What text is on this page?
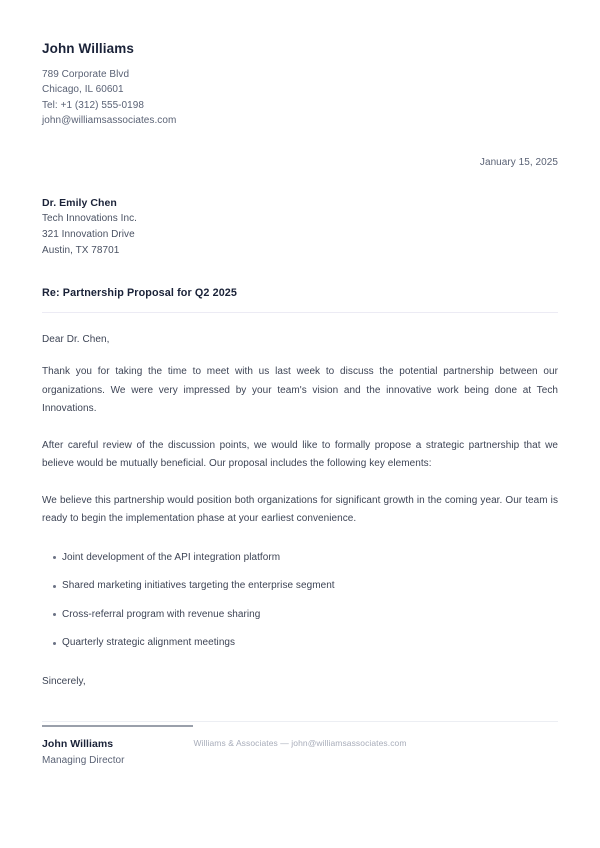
John Williams
789 Corporate Blvd
Chicago, IL 60601
Tel: +1 (312) 555-0198
john@williamsassociates.com
January 15, 2025
Dr. Emily Chen
Tech Innovations Inc.
321 Innovation Drive
Austin, TX 78701
Re: Partnership Proposal for Q2 2025
Dear Dr. Chen,

Thank you for taking the time to meet with us last week to discuss the potential partnership between our organizations. We were very impressed by your team's vision and the innovative work being done at Tech Innovations.

After careful review of the discussion points, we would like to formally propose a strategic partnership that we believe would be mutually beneficial. Our proposal includes the following key elements:

We believe this partnership would position both organizations for significant growth in the coming year. Our team is ready to begin the implementation phase at your earliest convenience.

Joint development of the API integration platform
Shared marketing initiatives targeting the enterprise segment
Cross-referral program with revenue sharing
Quarterly strategic alignment meetings
Sincerely,
John Williams
Managing Director
Williams & Associates — john@williamsassociates.com
